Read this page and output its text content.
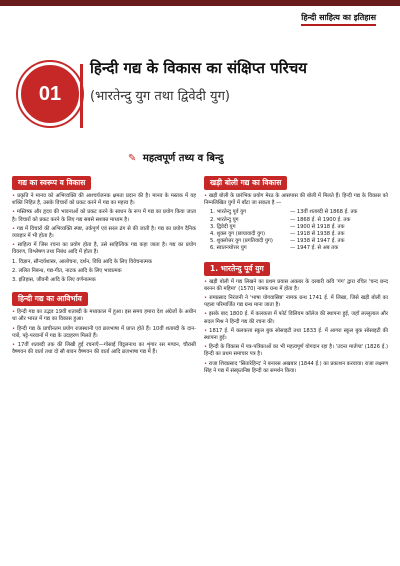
हिन्दी साहित्य का इतिहास
01
हिन्दी गद्य के विकास का संक्षिप्त परिचय
(भारतेन्दु युग तथा द्विवेदी युग)
✎ महत्वपूर्ण तथ्य व बिन्दु
गद्य का स्वरूप व विकास

• प्रकृति ने मानव को अभिव्यक्ति की आश्चर्यजनक क्षमता प्रदान की है। मानव के मस्तक में यह शक्ति निहित है, उसके विचारों को प्रकट करने में गद्य का महत्त्व है।

• मस्तिष्क और हृदय की भावनाओं को प्रकट करने के साधन के रूप में गद्य का प्रयोग किया जाता है। विचारों को प्रकट करने के लिए गद्य सबसे सशक्त माध्यम है।

• गद्य में विचारों की अभिव्यक्ति स्पष्ट, तर्कपूर्ण एवं सरल ढंग से की जाती है। गद्य का प्रयोग दैनिक व्यवहार में भी होता है।

• साहित्य में जिस रचना का प्रयोग होता है, उसे साहित्यिक गद्य कहा जाता है। गद्य का प्रयोग विवरण, विश्लेषण तथा निबंध आदि में होता है।

1. विज्ञान, सौन्दर्यशास्त्र, आलोचना, दर्शन, विधि आदि के लिए विवेचनात्मक

2. ललित निबन्ध, गद्य-गीत, नाटक आदि के लिए भावात्मक

3. इतिहास, जीवनी आदि के लिए वर्णनात्मक

हिन्दी गद्य का आविर्भाव

• हिन्दी गद्य का उद्भव 19वीं शताब्दी के मध्यकाल में हुआ। इस समय हमारा देश अंग्रेजों के अधीन था और भारत में गद्य का विकास हुआ।

• हिन्दी गद्य के प्राचीनतम प्रयोग राजस्थानी एवं ब्रजभाषा में प्राप्त होते हैं। 10वीं शताब्दी के दान-पत्रों, पट्टे-परवानों में गद्य के उदाहरण मिलते हैं।

• 17वीं शताब्दी तक की लिखी हुई रचनाएँ—गोसाईं विट्ठलनाथ का शृंगार रस मण्डन, चौरासी वैष्णवन की वार्ता तथा दो सौ बावन वैष्णवन की वार्ता आदि ब्रजभाषा गद्य में हैं।

खड़ी बोली गद्य का विकास

• खड़ी बोली के प्रारंभिक प्रयोग मेरठ के आसपास की बोली में मिलते हैं। हिन्दी गद्य के विकास को निम्नलिखित युगों में बाँटा जा सकता है —

1. भारतेन्दु पूर्व युग	— 13वीं शताब्दी से 1868 ई. तक
2. भारतेन्दु युग	— 1868 ई. से 1900 ई. तक
3. द्विवेदी युग	— 1900 से 1918 ई. तक
4. शुक्ल युग (छायावादी युग)	— 1918 से 1938 ई. तक
5. शुक्लोत्तर युग (प्रगतिवादी युग)	— 1938 से 1947 ई. तक
6. स्वातन्त्र्योत्तर युग	— 1947 ई. से अब तक
1. भारतेन्दु पूर्व युग

• खड़ी बोली में गद्य लिखने का प्रथम प्रयास अकबर के दरबारी कवि 'गंग' द्वारा रचित 'चन्द छन्द बरनन की महिमा' (1570) नामक ग्रन्थ में होता है।

• रामप्रसाद निरंजनी ने 'भाषा योगवासिष्ठ' नामक ग्रन्थ 1741 ई. में लिखा, जिसे खड़ी बोली का पहला परिमार्जित गद्य ग्रन्थ माना जाता है।

• इसके बाद 1800 ई. में कलकत्ता में फोर्ट विलियम कॉलेज की स्थापना हुई, जहाँ लल्लूलाल और सदल मिश्र ने हिन्दी गद्य की रचना की।

• 1817 ई. में कलकत्ता स्कूल बुक सोसाइटी तथा 1833 ई. में आगरा स्कूल बुक सोसाइटी की स्थापना हुई।

• हिन्दी के विकास में पत्र-पत्रिकाओं का भी महत्वपूर्ण योगदान रहा है। 'उदन्त मार्तण्ड' (1826 ई.) हिन्दी का प्रथम समाचार पत्र है।

• राजा शिवप्रसाद 'सितारेहिन्द' ने बनारस अखबार (1844 ई.) का प्रकाशन करवाया। राजा लक्ष्मण सिंह ने गद्य में संस्कृतनिष्ठ हिन्दी का समर्थन किया।
